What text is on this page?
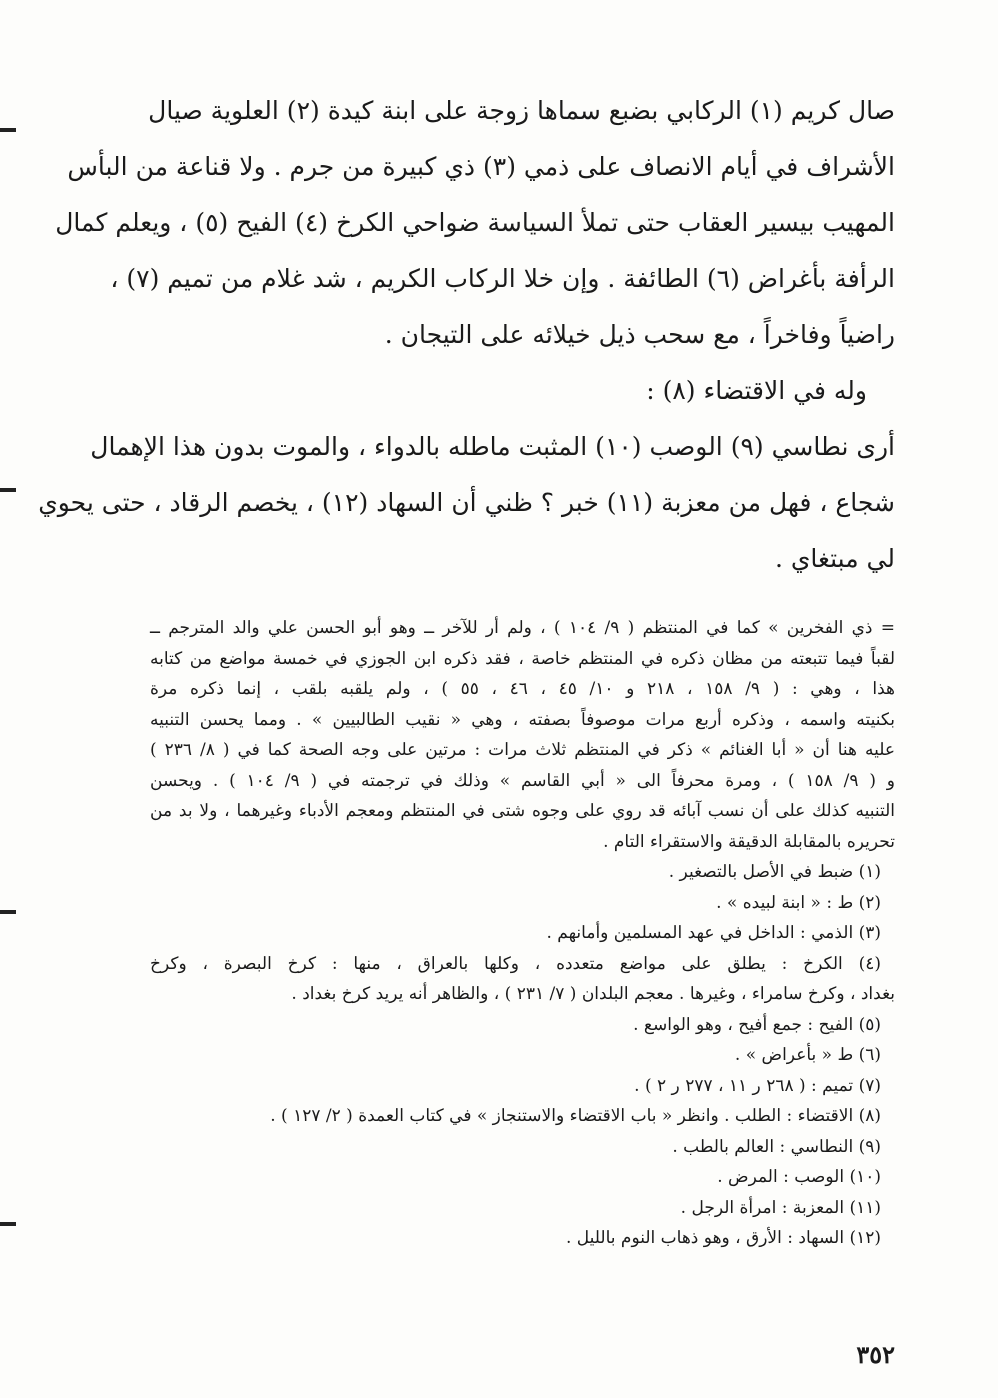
صال كريم (١) الركابي بضبع سماها زوجة على ابنة كيدة (٢) العلوية صيال

الأشراف في أيام الانصاف على ذمي (٣) ذي كبيرة من جرم . ولا قناعة من البأس

المهيب بيسير العقاب حتى تملأ السياسة ضواحي الكرخ (٤) الفيح (٥) ، ويعلم كمال

الرأفة بأغراض (٦) الطائفة . وإن خلا الركاب الكريم ، شد غلام من تميم (٧) ،

راضياً وفاخراً ، مع سحب ذيل خيلائه على التيجان .

وله في الاقتضاء (٨) :

أرى نطاسي (٩) الوصب (١٠) المثبت ماطله بالدواء ، والموت بدون هذا الإهمال

شجاع ، فهل من معزبة (١١) خبر ؟ ظني أن السهاد (١٢) ، يخصم الرقاد ، حتى يحوي

لي مبتغاي .

= ذي الفخرين » كما في المنتظم ( ٩/ ١٠٤ ) ، ولم أر للآخر ــ وهو أبو الحسن علي والد المترجم ــ

لقباً فيما تتبعته من مظان ذكره في المنتظم خاصة ، فقد ذكره ابن الجوزي في خمسة مواضع من كتابه

هذا ، وهي : ( ٩/ ١٥٨ ، ٢١٨ و ١٠/ ٤٥ ، ٤٦ ، ٥٥ ) ، ولم يلقبه بلقب ، إنما ذكره مرة

بكنيته واسمه ، وذكره أربع مرات موصوفاً بصفته ، وهي « نقيب الطالبيين » . ومما يحسن التنبيه

عليه هنا أن « أبا الغنائم » ذكر في المنتظم ثلاث مرات : مرتين على وجه الصحة كما في ( ٨/ ٢٣٦ )

و ( ٩/ ١٥٨ ) ، ومرة محرفاً الى « أبي القاسم » وذلك في ترجمته في ( ٩/ ١٠٤ ) . ويحسن

التنبيه كذلك على أن نسب آبائه قد روي على وجوه شتى في المنتظم ومعجم الأدباء وغيرهما ، ولا بد من

تحريره بالمقابلة الدقيقة والاستقراء التام .

(١) ضبط في الأصل بالتصغير .

(٢) ط : « ابنة لبيده » .

(٣) الذمي : الداخل في عهد المسلمين وأمانهم .

(٤) الكرخ : يطلق على مواضع متعدده ، وكلها بالعراق ، منها : كرخ البصرة ، وكرخ

بغداد ، وكرخ سامراء ، وغيرها . معجم البلدان ( ٧/ ٢٣١ ) ، والظاهر أنه يريد كرخ بغداد .

(٥) الفيح : جمع أفيح ، وهو الواسع .

(٦) ط « بأعراض » .

(٧) تميم : ( ٢٦٨ ر ١١ ، ٢٧٧ ر ٢ ) .

(٨) الاقتضاء : الطلب . وانظر « باب الاقتضاء والاستنجاز » في كتاب العمدة ( ٢/ ١٢٧ ) .

(٩) النطاسي : العالم بالطب .

(١٠) الوصب : المرض .

(١١) المعزبة : امرأة الرجل .

(١٢) السهاد : الأرق ، وهو ذهاب النوم بالليل .

٣٥٢
